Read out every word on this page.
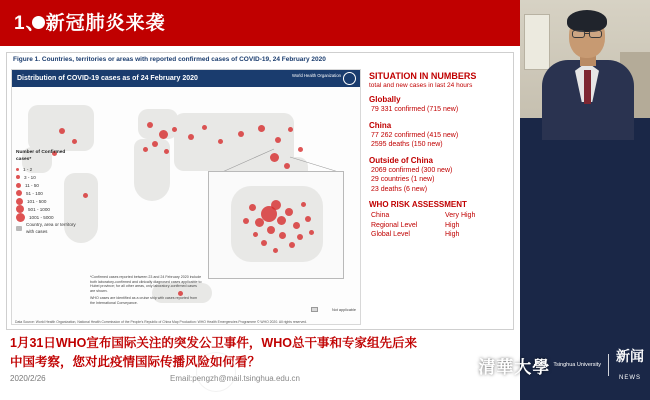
1、新冠肺炎来袭
Figure 1. Countries, territories or areas with reported confirmed cases of COVID-19, 24 February 2020
Distribution of COVID-19 cases as of 24 February 2020	World Health Organization
Number of Confirmed cases*
1 - 2
3 - 10
11 - 50
51 - 100
101 - 500
501 - 1000
1001 - 5000
Country, area or territory with cases
*Confirmed cases reported between 23 and 24 February 2020 include both laboratory-confirmed and clinically diagnosed cases applicable to Hubei province; for all other areas, only laboratory-confirmed cases are shown.
WHO cases are identified as a cruise ship with cases reported from the International Conveyance.
Not applicable
Data Source: World Health Organization, National Health Commission of the People's Republic of China Map Production: WHO Health Emergencies Programme © WHO 2020. All rights reserved.
SITUATION IN NUMBERS
total and new cases in last 24 hours
Globally
79 331 confirmed (715 new)
China
77 262 confirmed (415 new)
2595 deaths (150 new)
Outside of China
2069 confirmed (300 new)
29 countries (1 new)
23 deaths (6 new)
WHO RISK ASSESSMENT
China	Very High
Regional Level	High
Global Level	High
1月31日WHO宣布国际关注的突发公卫事件，WHO总干事和专家组先后来
中国考察，您对此疫情国际传播风险如何看？
2020/2/26	Email:pengzh@mail.tsinghua.edu.cn
清華大學 Tsinghua University
新闻
NEWS
